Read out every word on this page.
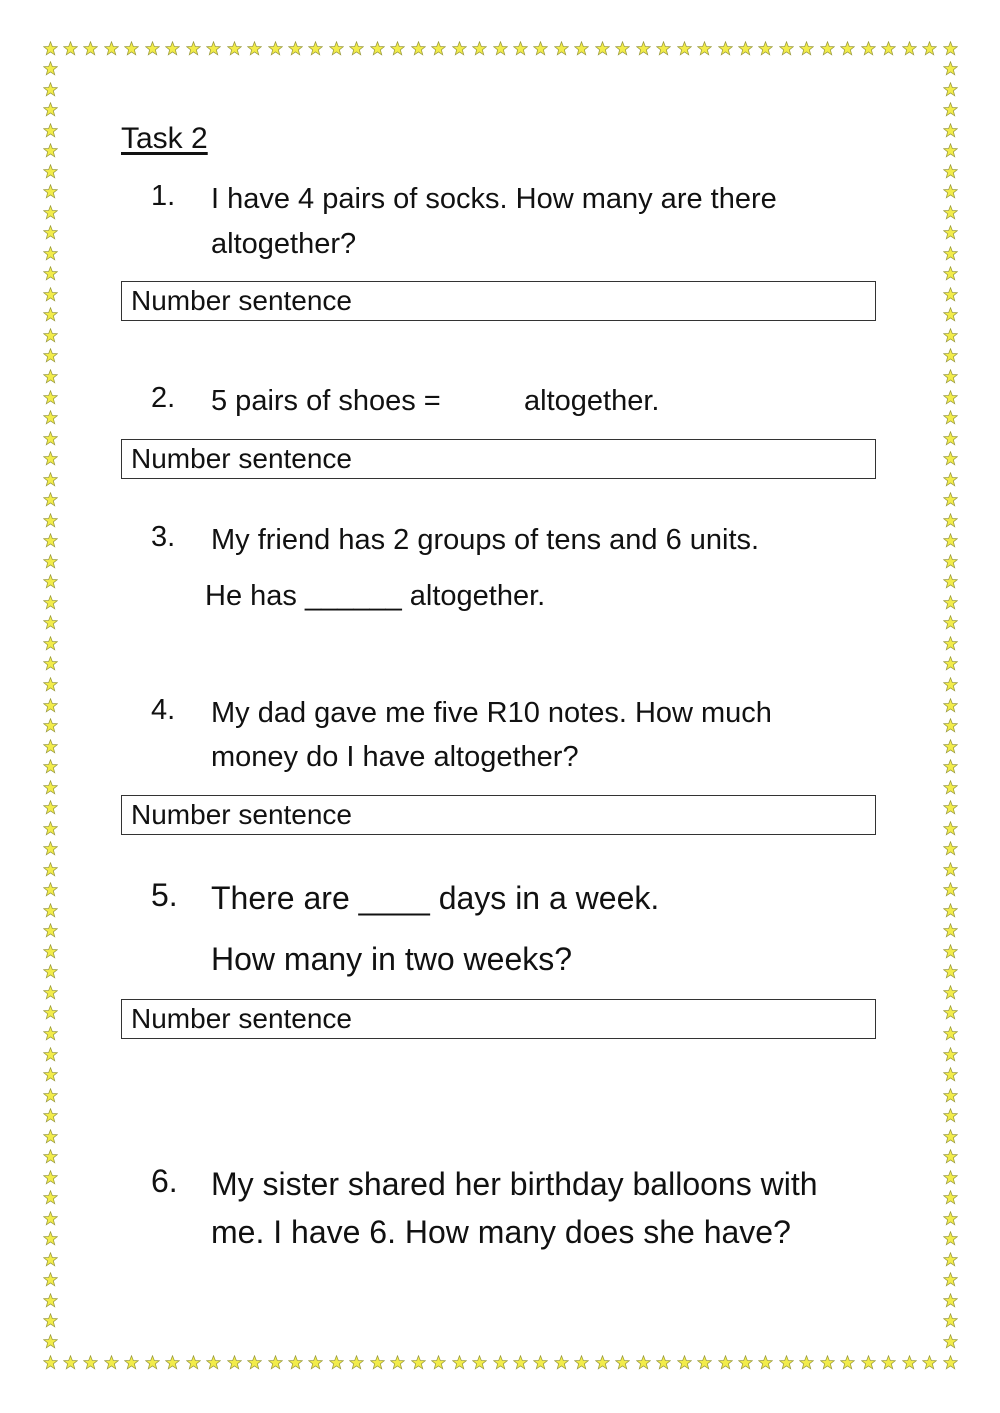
Task 2

1. I have 4 pairs of socks. How many are there

altogether?

Number sentence

2. 5 pairs of shoes =	altogether.

Number sentence

3. My friend has 2 groups of tens and 6 units.

He has ______ altogether.

4. My dad gave me five R10 notes. How much

money do I have altogether?

Number sentence

5. There are ____ days in a week.

How many in two weeks?

Number sentence

6. My sister shared her birthday balloons with

me. I have 6. How many does she have?
